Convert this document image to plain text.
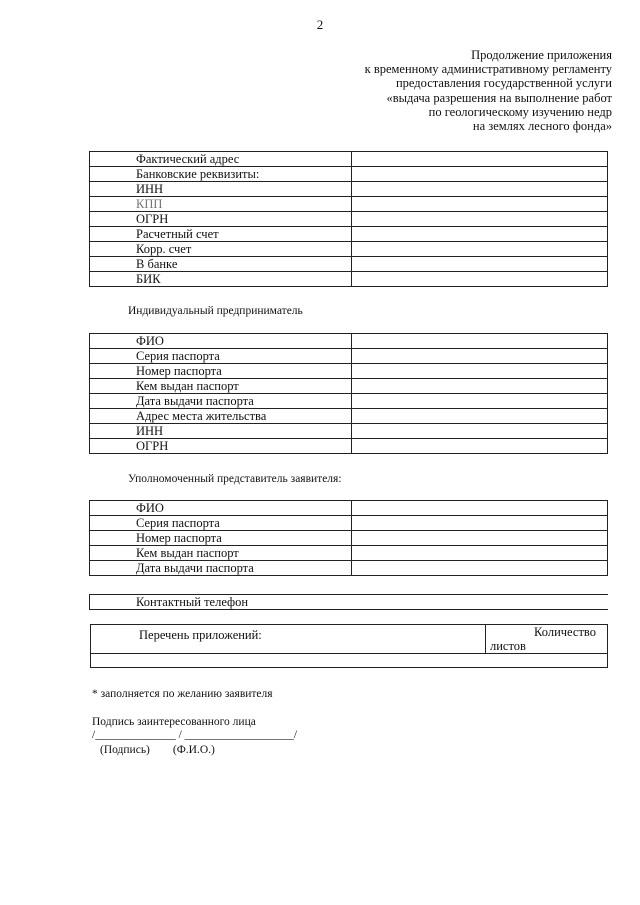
2
Продолжение приложения
к временному административному регламенту
предоставления государственной услуги
«выдача разрешения на выполнение работ
по геологическому изучению недр
на землях лесного фонда»
Фактический адрес	
Банковские реквизиты:	
ИНН	
КПП	
ОГРН	
Расчетный счет	
Корр. счет	
В банке	
БИК	
Индивидуальный предприниматель
ФИО	
Серия паспорта	
Номер паспорта	
Кем выдан паспорт	
Дата выдачи паспорта	
Адрес места жительства	
ИНН	
ОГРН	
Уполномоченный представитель заявителя:
ФИО	
Серия паспорта	
Номер паспорта	
Кем выдан паспорт	
Дата выдачи паспорта	
Контактный телефон
Перечень приложений:	Количество
листов
* заполняется по желанию заявителя
Подпись заинтересованного лица
/______________ / ___________________/
(Подпись)        (Ф.И.О.)
